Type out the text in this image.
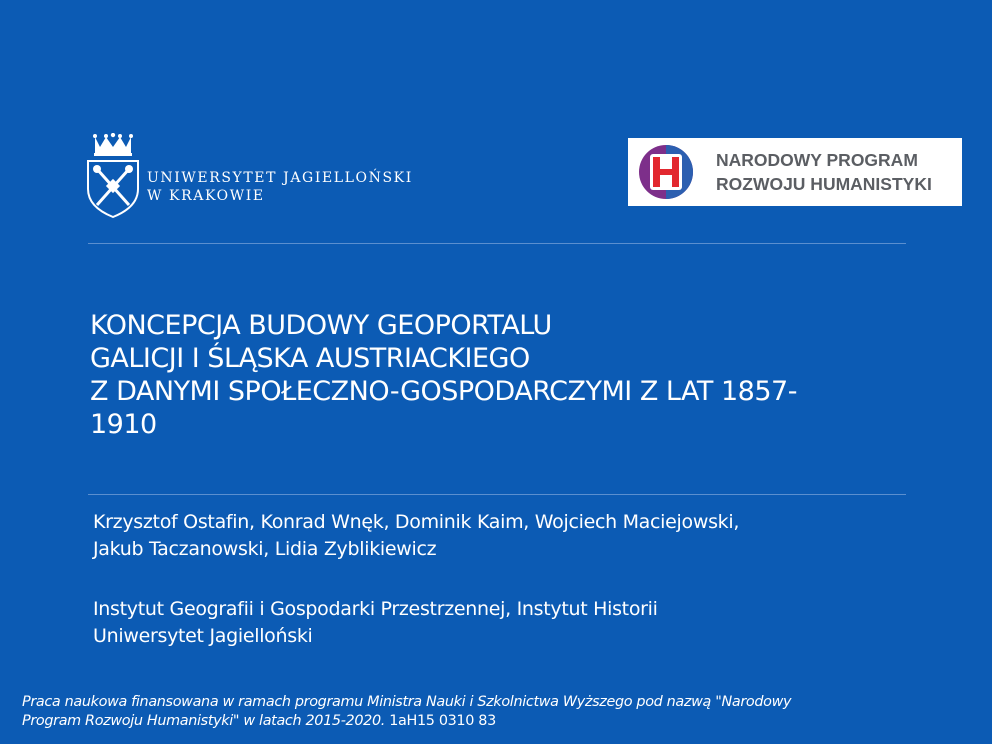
UNIWERSYTET JAGIELLOŃSKI
W KRAKOWIE
NARODOWY PROGRAM
ROZWOJU HUMANISTYKI
KONCEPCJA BUDOWY GEOPORTALU
GALICJI I ŚLĄSKA AUSTRIACKIEGO
Z DANYMI SPOŁECZNO-GOSPODARCZYMI Z LAT 1857-
1910
Krzysztof Ostafin, Konrad Wnęk, Dominik Kaim, Wojciech Maciejowski,
Jakub Taczanowski, Lidia Zyblikiewicz
Instytut Geografii i Gospodarki Przestrzennej, Instytut Historii
Uniwersytet Jagielloński
Praca naukowa finansowana w ramach programu Ministra Nauki i Szkolnictwa Wyższego pod nazwą "Narodowy
Program Rozwoju Humanistyki" w latach 2015-2020. 1aH15 0310 83
